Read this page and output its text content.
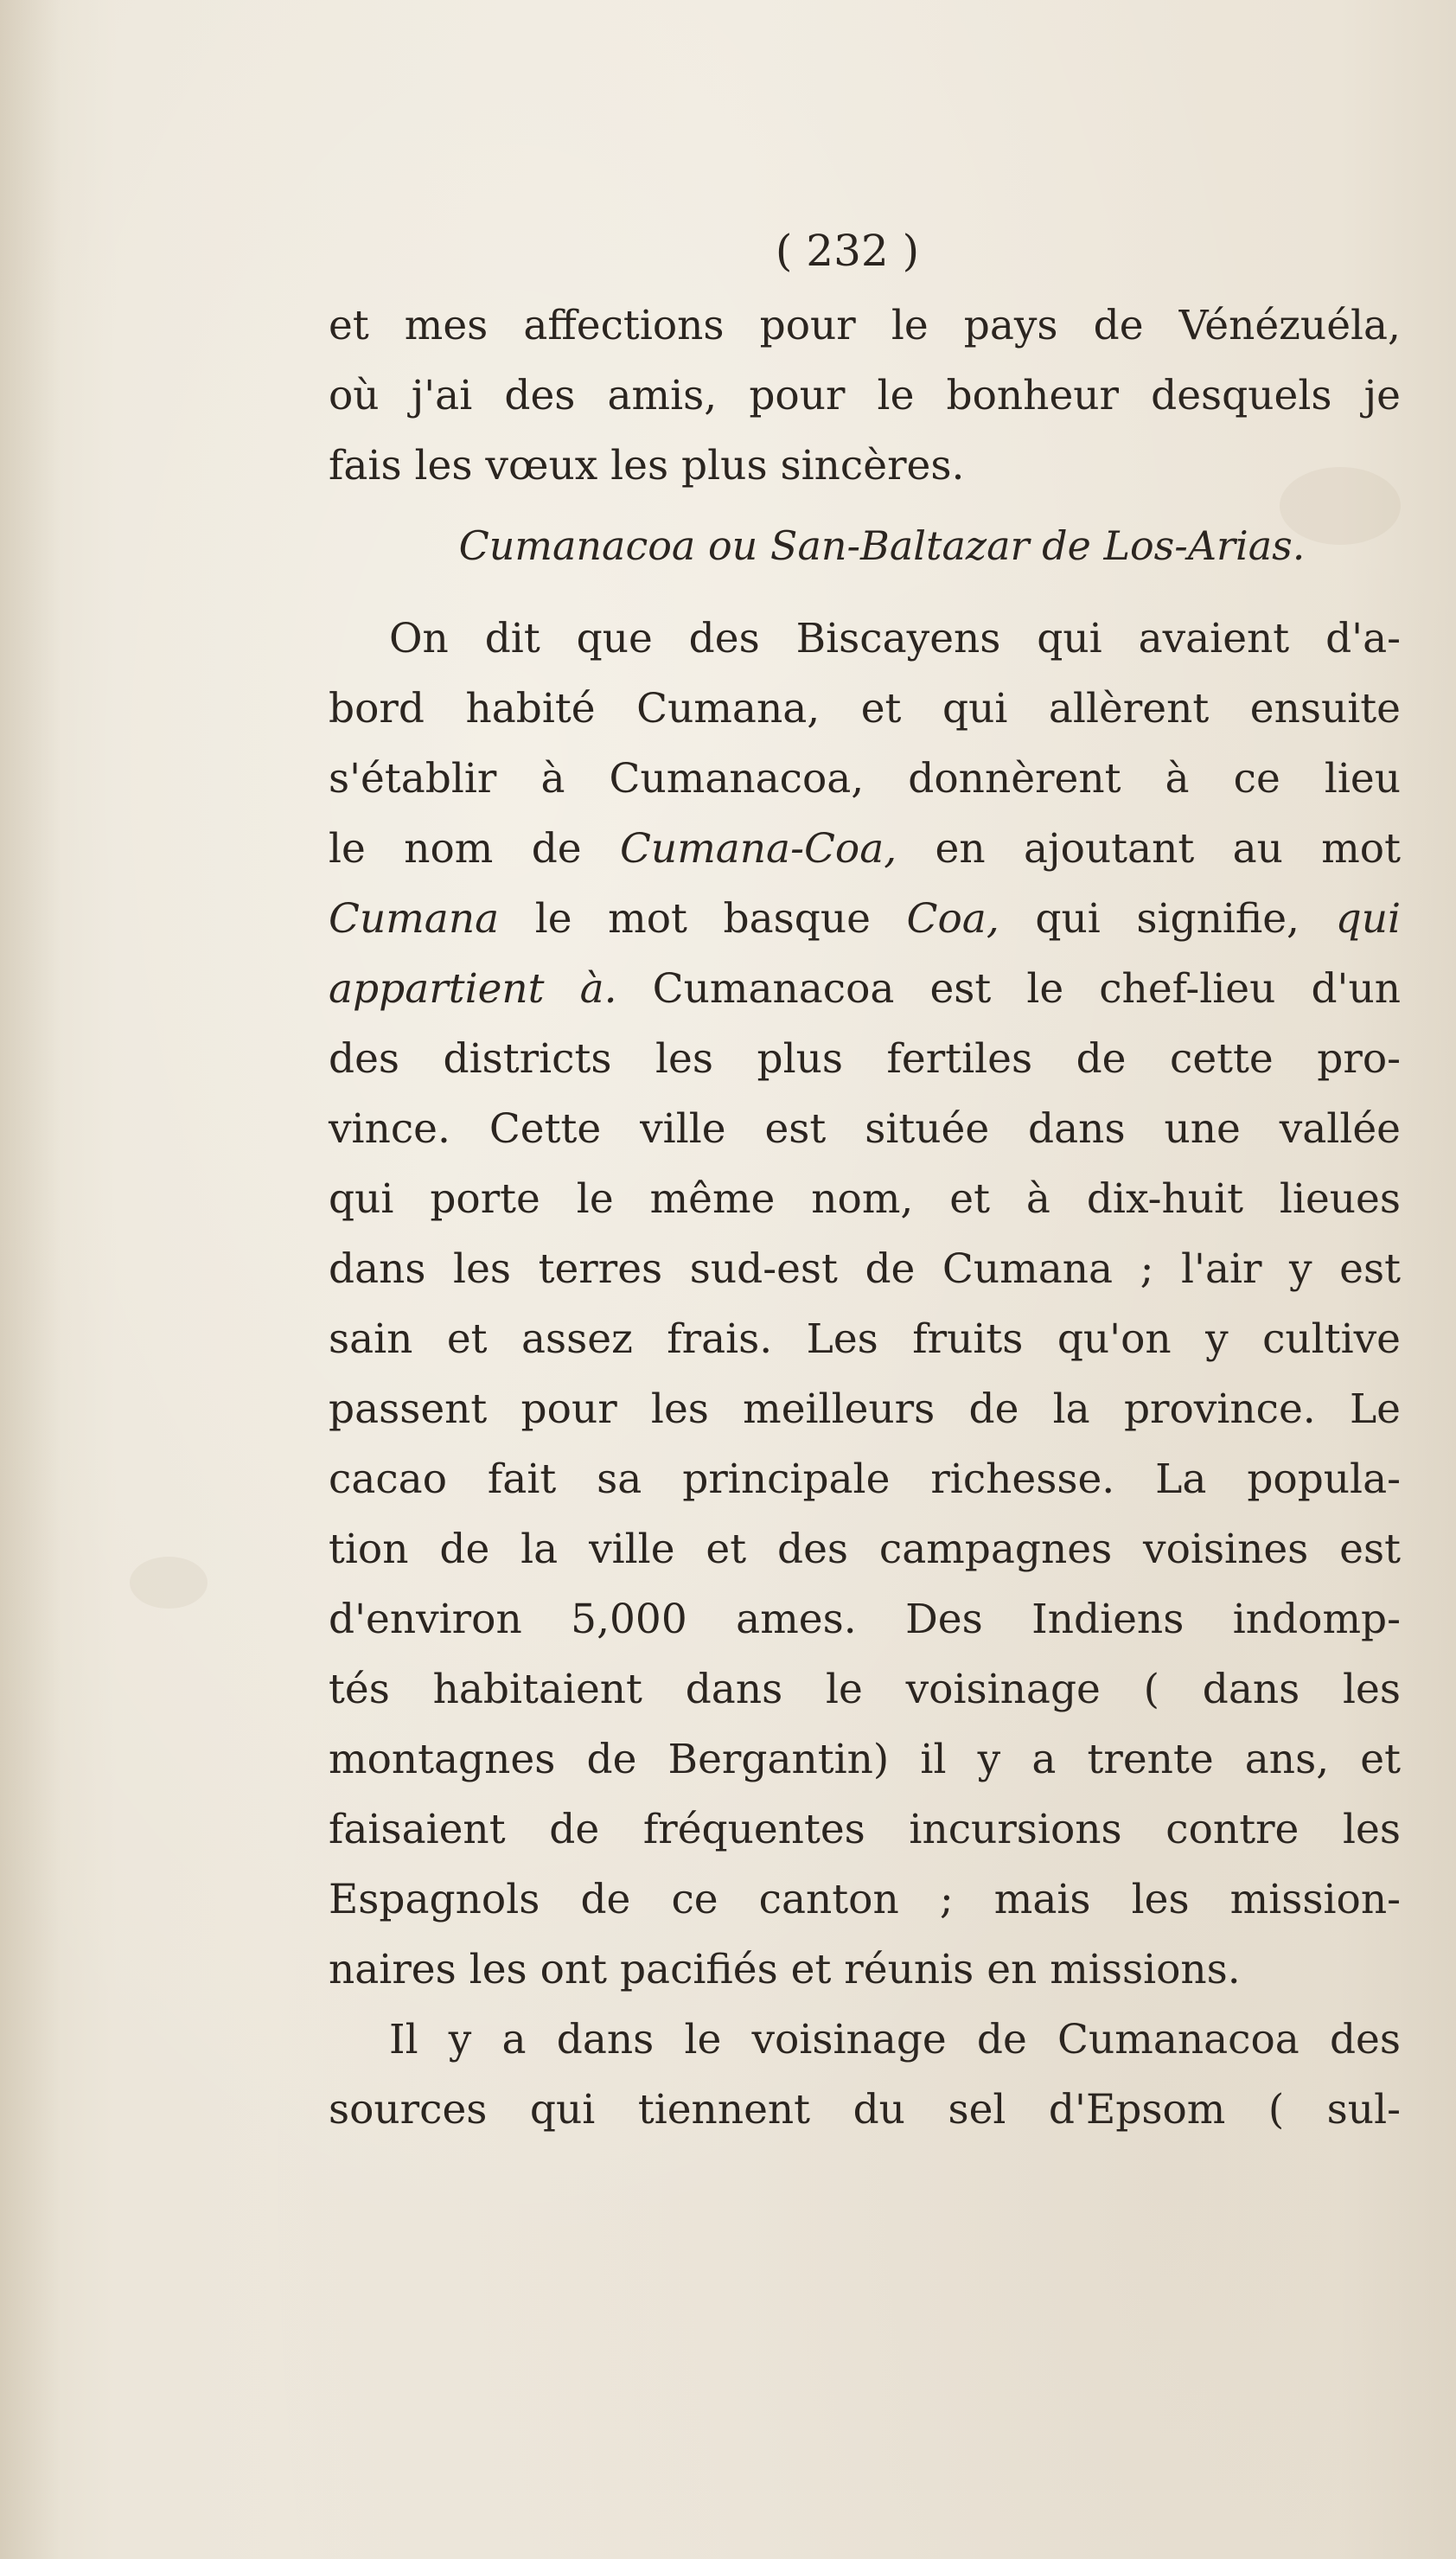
( 232 )
et mes affections pour le pays de Vénézuéla,
où j'ai des amis, pour le bonheur desquels je
fais les vœux les plus sincères.
Cumanacoa ou San-Baltazar de Los-Arias.
On dit que des Biscayens qui avaient d'a-
bord habité Cumana, et qui allèrent ensuite
s'établir à Cumanacoa, donnèrent à ce lieu
le nom de Cumana-Coa, en ajoutant au mot
Cumana le mot basque Coa, qui signifie, qui
appartient à. Cumanacoa est le chef-lieu d'un
des districts les plus fertiles de cette pro-
vince. Cette ville est située dans une vallée
qui porte le même nom, et à dix-huit lieues
dans les terres sud-est de Cumana ; l'air y est
sain et assez frais. Les fruits qu'on y cultive
passent pour les meilleurs de la province. Le
cacao fait sa principale richesse. La popula-
tion de la ville et des campagnes voisines est
d'environ 5,000 ames. Des Indiens indomp-
tés habitaient dans le voisinage ( dans les
montagnes de Bergantin) il y a trente ans, et
faisaient de fréquentes incursions contre les
Espagnols de ce canton ; mais les mission-
naires les ont pacifiés et réunis en missions.
Il y a dans le voisinage de Cumanacoa des
sources qui tiennent du sel d'Epsom ( sul-
